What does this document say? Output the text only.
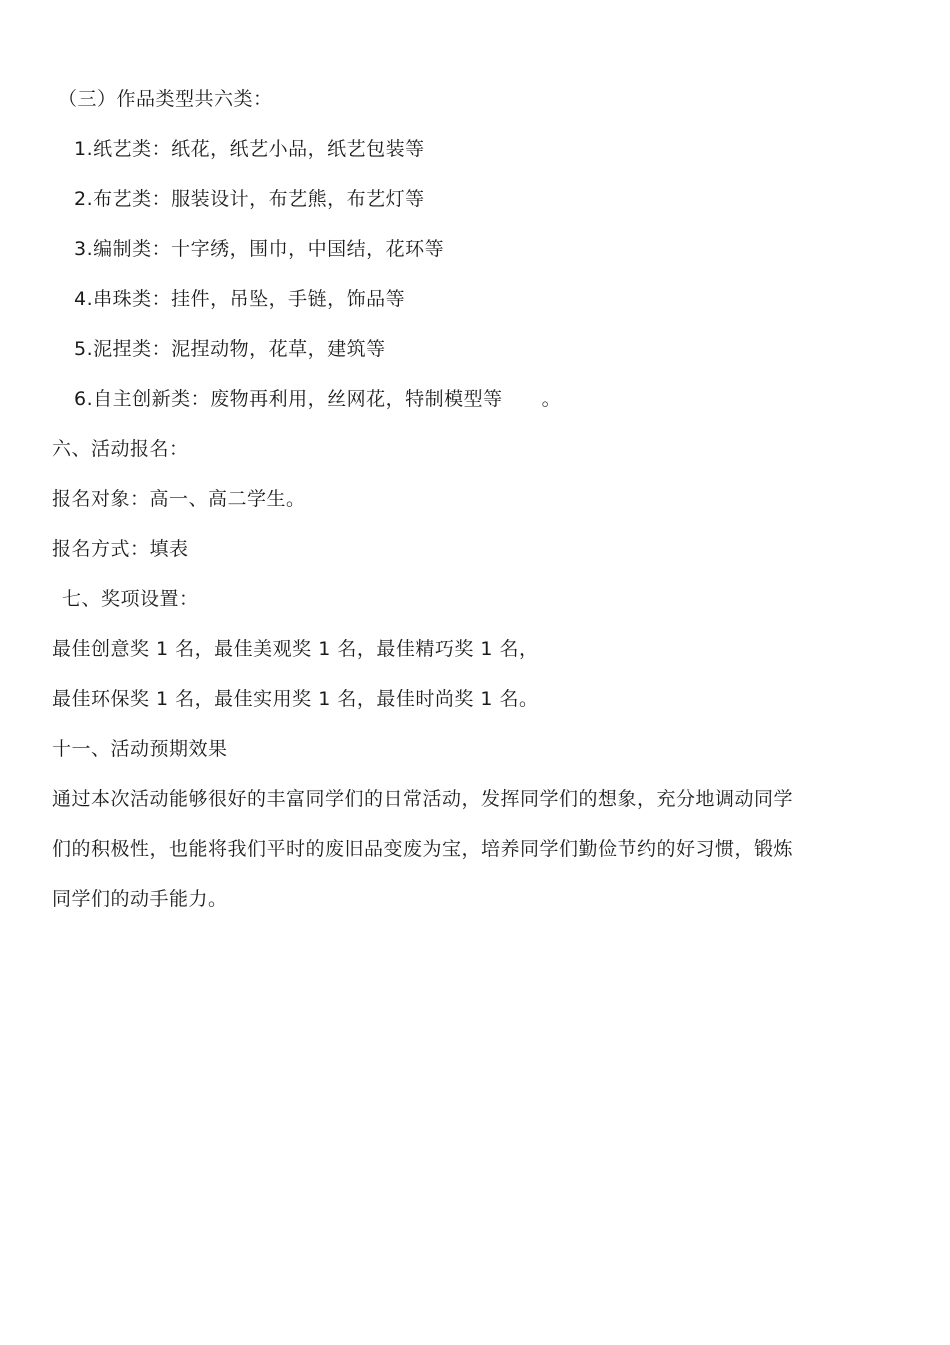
（三）作品类型共六类：
1.纸艺类：纸花，纸艺小品，纸艺包装等
2.布艺类：服装设计，布艺熊，布艺灯等
3.编制类：十字绣，围巾，中国结，花环等
4.串珠类：挂件，吊坠，手链，饰品等
5.泥捏类：泥捏动物，花草，建筑等
6.自主创新类：废物再利用，丝网花，特制模型等　　。
六、活动报名：
报名对象：高一、高二学生。
报名方式：填表
七、奖项设置：
最佳创意奖 1 名，最佳美观奖 1 名，最佳精巧奖 1 名，
最佳环保奖 1 名，最佳实用奖 1 名，最佳时尚奖 1 名。
十一、活动预期效果
通过本次活动能够很好的丰富同学们的日常活动，发挥同学们的想象，充分地调动同学
们的积极性，也能将我们平时的废旧品变废为宝，培养同学们勤俭节约的好习惯，锻炼
同学们的动手能力。
